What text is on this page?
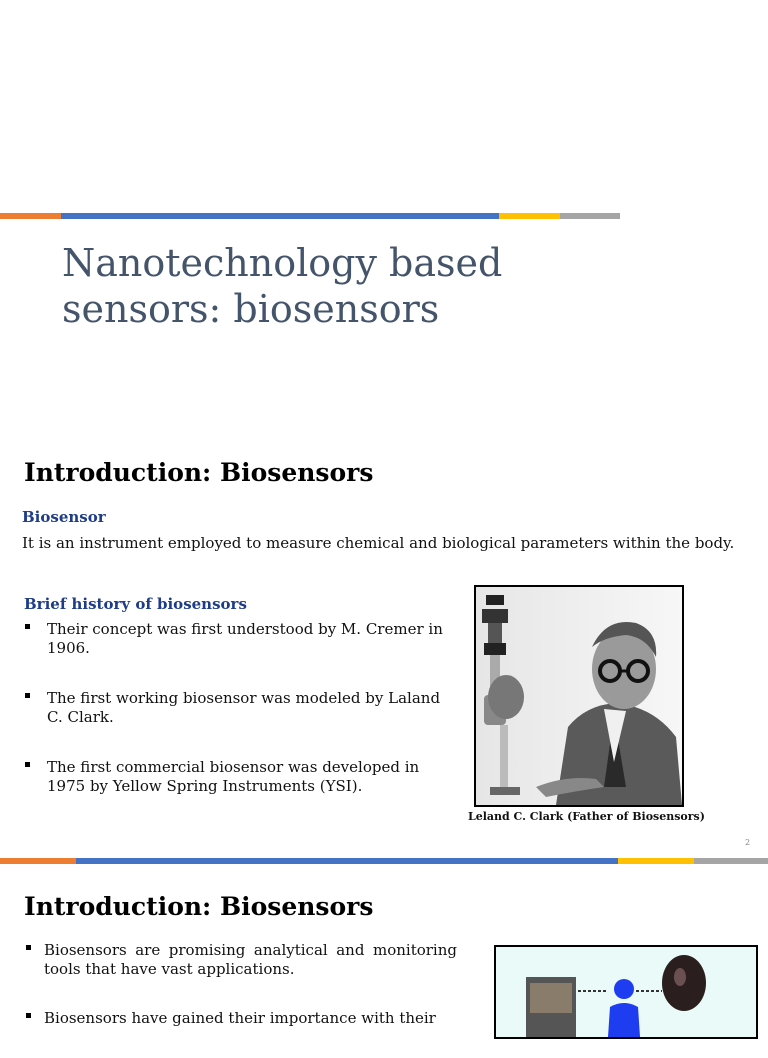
Nanotechnology based
sensors: biosensors
Introduction: Biosensors
Biosensor
It is an instrument employed to measure chemical and biological parameters within the body.
Brief history of biosensors
Their concept was first understood by M. Cremer in 1906.
The first working biosensor was modeled by Laland C. Clark.
The first commercial biosensor was developed in 1975 by Yellow Spring Instruments (YSI).
Leland C. Clark (Father of Biosensors)
2
Introduction: Biosensors
Biosensors are promising analytical and monitoring tools that have vast applications.
Biosensors have gained their importance with their
